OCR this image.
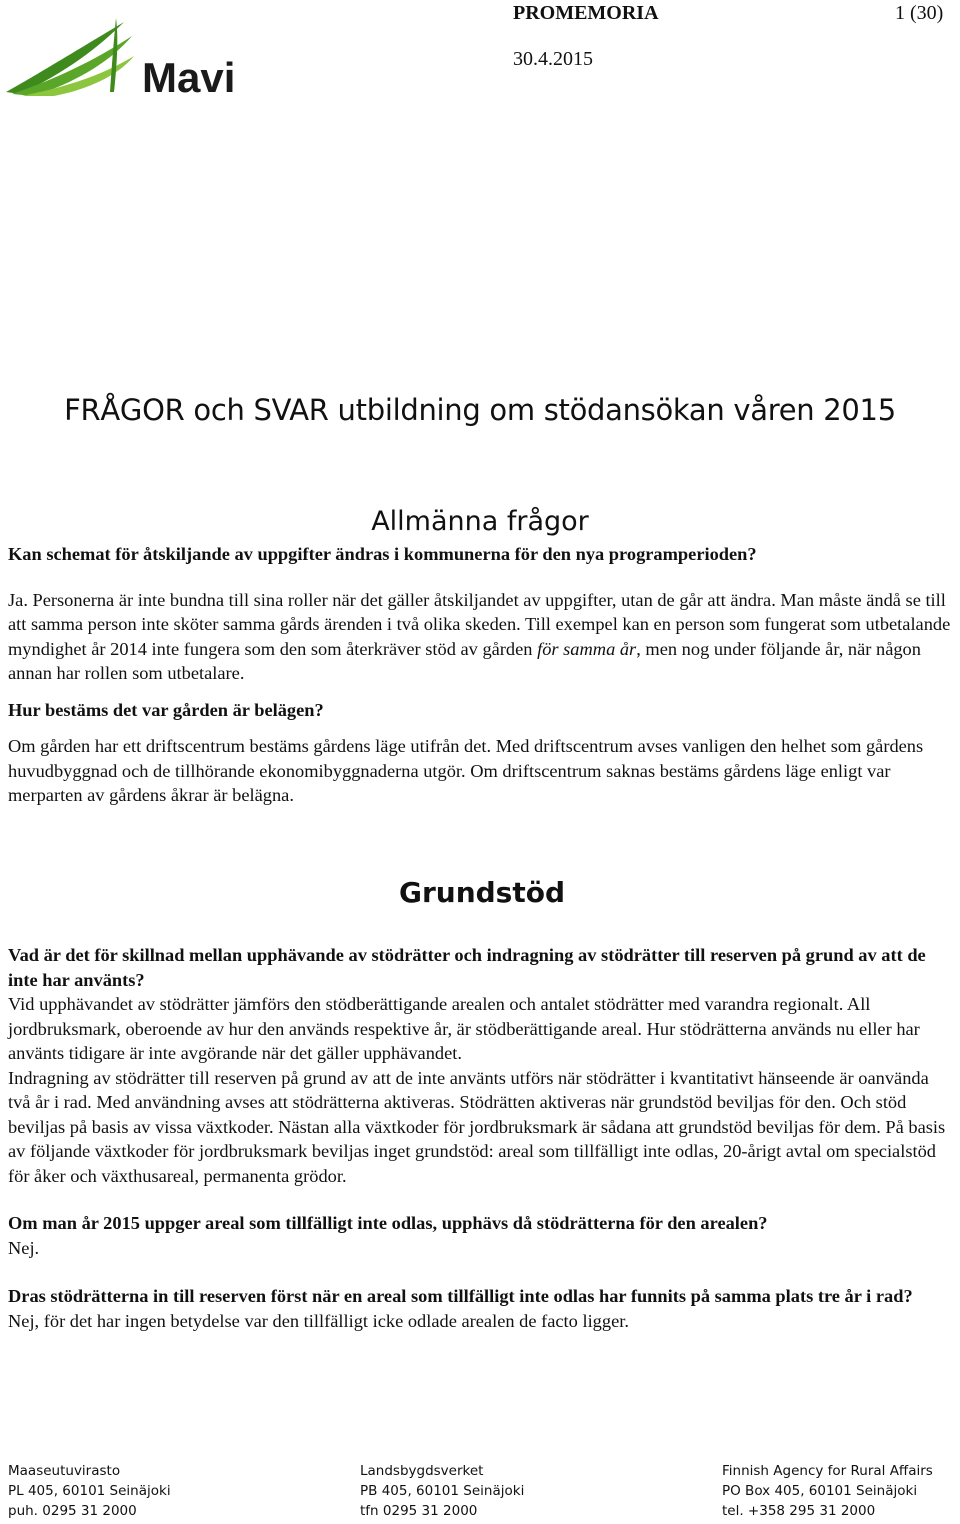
Mavi
PROMEMORIA	1 (30)
30.4.2015
FRÅGOR och SVAR utbildning om stödansökan våren 2015
Allmänna frågor

Kan schemat för åtskiljande av uppgifter ändras i kommunerna för den nya programperioden?

Ja. Personerna är inte bundna till sina roller när det gäller åtskiljandet av uppgifter, utan de går att ändra. Man måste ändå se till att samma person inte sköter samma gårds ärenden i två olika skeden. Till exempel kan en person som fungerat som utbetalande myndighet år 2014 inte fungera som den som återkräver stöd av gården för samma år, men nog under följande år, när någon annan har rollen som utbetalare.

Hur bestäms det var gården är belägen?

Om gården har ett driftscentrum bestäms gårdens läge utifrån det. Med driftscentrum avses vanligen den helhet som gårdens huvudbyggnad och de tillhörande ekonomibyggnaderna utgör. Om driftscentrum saknas bestäms gårdens läge enligt var merparten av gårdens åkrar är belägna.

Grundstöd

Vad är det för skillnad mellan upphävande av stödrätter och indragning av stödrätter till reserven på grund av att de inte har använts?

Vid upphävandet av stödrätter jämförs den stödberättigande arealen och antalet stödrätter med varandra regionalt. All jordbruksmark, oberoende av hur den används respektive år, är stödberättigande areal. Hur stödrätterna används nu eller har använts tidigare är inte avgörande när det gäller upphävandet.

Indragning av stödrätter till reserven på grund av att de inte använts utförs när stödrätter i kvantitativt hänseende är oanvända två år i rad. Med användning avses att stödrätterna aktiveras. Stödrätten aktiveras när grundstöd beviljas för den. Och stöd beviljas på basis av vissa växtkoder. Nästan alla växtkoder för jordbruksmark är sådana att grundstöd beviljas för dem. På basis av följande växtkoder för jordbruksmark beviljas inget grundstöd: areal som tillfälligt inte odlas, 20-årigt avtal om specialstöd för åker och växthusareal, permanenta grödor.

Om man år 2015 uppger areal som tillfälligt inte odlas, upphävs då stödrätterna för den arealen?

Nej.

Dras stödrätterna in till reserven först när en areal som tillfälligt inte odlas har funnits på samma plats tre år i rad?

Nej, för det har ingen betydelse var den tillfälligt icke odlade arealen de facto ligger.

Maaseutuvirasto
PL 405, 60101 Seinäjoki
puh. 0295 31 2000
Landsbygdsverket
PB 405, 60101 Seinäjoki
tfn 0295 31 2000
Finnish Agency for Rural Affairs
PO Box 405, 60101 Seinäjoki
tel. +358 295 31 2000
